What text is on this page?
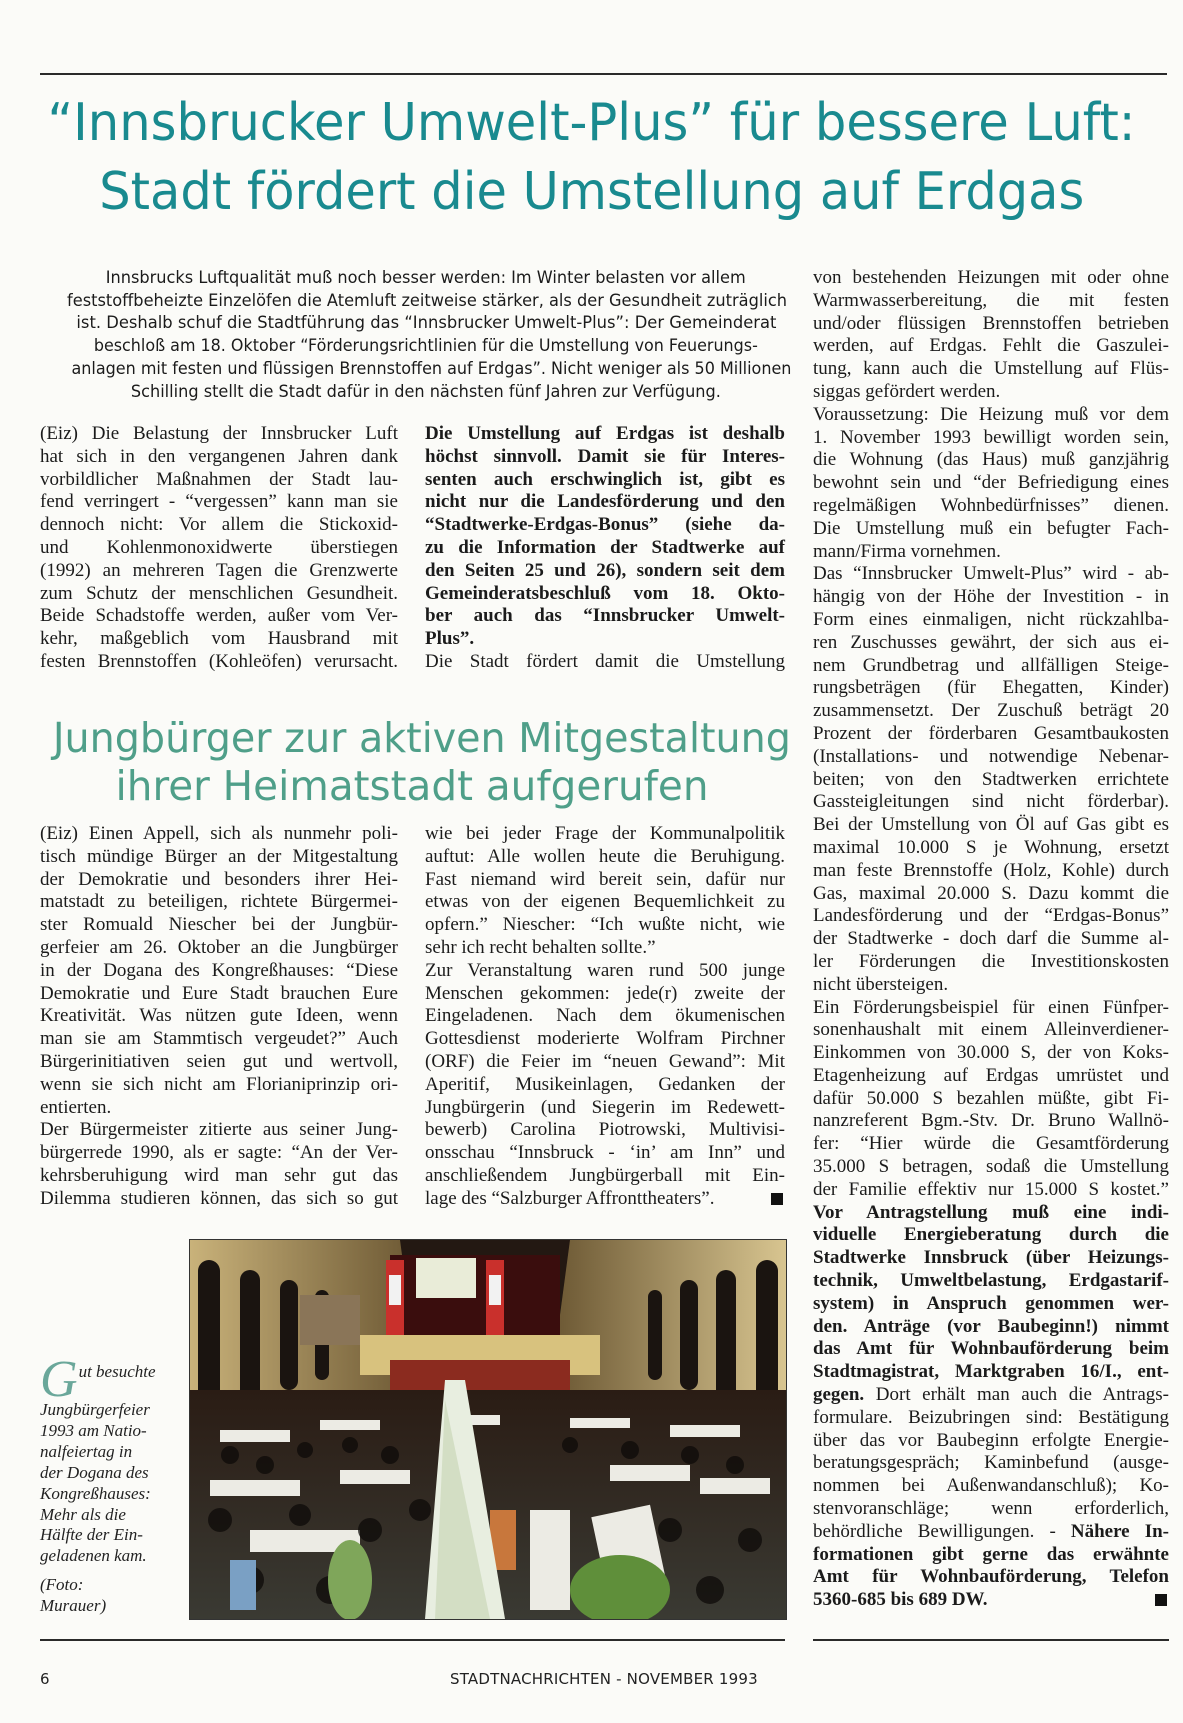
“Innsbrucker Umwelt-Plus” für bessere Luft:
Stadt fördert die Umstellung auf Erdgas
Innsbrucks Luftqualität muß noch besser werden: Im Winter belasten vor allem
feststoffbeheizte Einzelöfen die Atemluft zeitweise stärker, als der Gesundheit zuträglich
ist. Deshalb schuf die Stadtführung das “Innsbrucker Umwelt-Plus”: Der Gemeinderat
beschloß am 18. Oktober “Förderungsrichtlinien für die Umstellung von Feuerungs-
anlagen mit festen und flüssigen Brennstoffen auf Erdgas”. Nicht weniger als 50 Millionen
Schilling stellt die Stadt dafür in den nächsten fünf Jahren zur Verfügung.
(Eiz) Die Belastung der Innsbrucker Luft
hat sich in den vergangenen Jahren dank
vorbildlicher Maßnahmen der Stadt lau-
fend verringert - “vergessen” kann man sie
dennoch nicht: Vor allem die Stickoxid-
und Kohlenmonoxidwerte überstiegen
(1992) an mehreren Tagen die Grenzwerte
zum Schutz der menschlichen Gesundheit.
Beide Schadstoffe werden, außer vom Ver-
kehr, maßgeblich vom Hausbrand mit
festen Brennstoffen (Kohleöfen) verursacht.
Die Umstellung auf Erdgas ist deshalb
höchst sinnvoll. Damit sie für Interes-
senten auch erschwinglich ist, gibt es
nicht nur die Landesförderung und den
“Stadtwerke-Erdgas-Bonus” (siehe da-
zu die Information der Stadtwerke auf
den Seiten 25 und 26), sondern seit dem
Gemeinderatsbeschluß vom 18. Okto-
ber auch das “Innsbrucker Umwelt-
Plus”.
Die Stadt fördert damit die Umstellung
von bestehenden Heizungen mit oder ohne
Warmwasserbereitung, die mit festen
und/oder flüssigen Brennstoffen betrieben
werden, auf Erdgas. Fehlt die Gaszulei-
tung, kann auch die Umstellung auf Flüs-
siggas gefördert werden.
Voraussetzung: Die Heizung muß vor dem
1. November 1993 bewilligt worden sein,
die Wohnung (das Haus) muß ganzjährig
bewohnt sein und “der Befriedigung eines
regelmäßigen Wohnbedürfnisses” dienen.
Die Umstellung muß ein befugter Fach-
mann/Firma vornehmen.
Das “Innsbrucker Umwelt-Plus” wird - ab-
hängig von der Höhe der Investition - in
Form eines einmaligen, nicht rückzahlba-
ren Zuschusses gewährt, der sich aus ei-
nem Grundbetrag und allfälligen Steige-
rungsbeträgen (für Ehegatten, Kinder)
zusammensetzt. Der Zuschuß beträgt 20
Prozent der förderbaren Gesamtbaukosten
(Installations- und notwendige Nebenar-
beiten; von den Stadtwerken errichtete
Gassteigleitungen sind nicht förderbar).
Bei der Umstellung von Öl auf Gas gibt es
maximal 10.000 S je Wohnung, ersetzt
man feste Brennstoffe (Holz, Kohle) durch
Gas, maximal 20.000 S. Dazu kommt die
Landesförderung und der “Erdgas-Bonus”
der Stadtwerke - doch darf die Summe al-
ler Förderungen die Investitionskosten
nicht übersteigen.
Ein Förderungsbeispiel für einen Fünfper-
sonenhaushalt mit einem Alleinverdiener-
Einkommen von 30.000 S, der von Koks-
Etagenheizung auf Erdgas umrüstet und
dafür 50.000 S bezahlen müßte, gibt Fi-
nanzreferent Bgm.-Stv. Dr. Bruno Wallnö-
fer: “Hier würde die Gesamtförderung
35.000 S betragen, sodaß die Umstellung
der Familie effektiv nur 15.000 S kostet.”
Vor Antragstellung muß eine indi-
viduelle Energieberatung durch die
Stadtwerke Innsbruck (über Heizungs-
technik, Umweltbelastung, Erdgastarif-
system) in Anspruch genommen wer-
den. Anträge (vor Baubeginn!) nimmt
das Amt für Wohnbauförderung beim
Stadtmagistrat, Marktgraben 16/I., ent-
gegen. Dort erhält man auch die Antrags-
formulare. Beizubringen sind: Bestätigung
über das vor Baubeginn erfolgte Energie-
beratungsgespräch; Kaminbefund (ausge-
nommen bei Außenwandanschluß); Ko-
stenvoranschläge; wenn erforderlich,
behördliche Bewilligungen. - Nähere In-
formationen gibt gerne das erwähnte
Amt für Wohnbauförderung, Telefon
5360-685 bis 689 DW.
Jungbürger zur aktiven Mitgestaltung
ihrer Heimatstadt aufgerufen
(Eiz) Einen Appell, sich als nunmehr poli-
tisch mündige Bürger an der Mitgestaltung
der Demokratie und besonders ihrer Hei-
matstadt zu beteiligen, richtete Bürgermei-
ster Romuald Niescher bei der Jungbür-
gerfeier am 26. Oktober an die Jungbürger
in der Dogana des Kongreßhauses: “Diese
Demokratie und Eure Stadt brauchen Eure
Kreativität. Was nützen gute Ideen, wenn
man sie am Stammtisch vergeudet?” Auch
Bürgerinitiativen seien gut und wertvoll,
wenn sie sich nicht am Florianiprinzip ori-
entierten.
Der Bürgermeister zitierte aus seiner Jung-
bürgerrede 1990, als er sagte: “An der Ver-
kehrsberuhigung wird man sehr gut das
Dilemma studieren können, das sich so gut
wie bei jeder Frage der Kommunalpolitik
auftut: Alle wollen heute die Beruhigung.
Fast niemand wird bereit sein, dafür nur
etwas von der eigenen Bequemlichkeit zu
opfern.” Niescher: “Ich wußte nicht, wie
sehr ich recht behalten sollte.”
Zur Veranstaltung waren rund 500 junge
Menschen gekommen: jede(r) zweite der
Eingeladenen. Nach dem ökumenischen
Gottesdienst moderierte Wolfram Pirchner
(ORF) die Feier im “neuen Gewand”: Mit
Aperitif, Musikeinlagen, Gedanken der
Jungbürgerin (und Siegerin im Redewett-
bewerb) Carolina Piotrowski, Multivisi-
onsschau “Innsbruck - ‘in’ am Inn” und
anschließendem Jungbürgerball mit Ein-
lage des “Salzburger Affronttheaters”.
G ut besuchte
Jungbürgerfeier
1993 am Natio-
nalfeiertag in
der Dogana des
Kongreßhauses:
Mehr als die
Hälfte der Ein-
geladenen kam.
(Foto:
Murauer)
6	STADTNACHRICHTEN - NOVEMBER 1993
